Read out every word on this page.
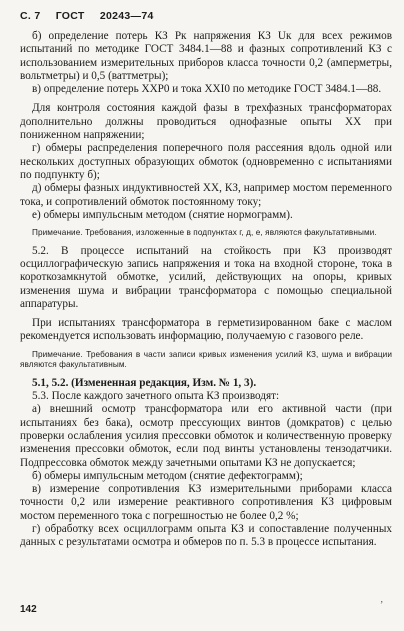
С. 7 ГОСТ 20243—74

б) определение потерь КЗ Pк напряжения КЗ Uк для всех режимов испытаний по методике ГОСТ 3484.1—88 и фазных сопротивлений КЗ с использованием измерительных приборов класса точности 0,2 (амперметры, вольтметры) и 0,5 (ваттметры);

в) определение потерь ХХP0 и тока ХХI0 по методике ГОСТ 3484.1—88.

Для контроля состояния каждой фазы в трехфазных трансформаторах дополнительно должны проводиться однофазные опыты ХХ при пониженном напряжении;

г) обмеры распределения поперечного поля рассеяния вдоль одной или нескольких доступных образующих обмоток (одновременно с испытаниями по подпункту б);

д) обмеры фазных индуктивностей ХХ, КЗ, например мостом переменного тока, и сопротивлений обмоток постоянному току;

е) обмеры импульсным методом (снятие нормограмм).

Примечание. Требования, изложенные в подпунктах г, д, е, являются факультативными.

5.2. В процессе испытаний на стойкость при КЗ производят осциллографическую запись напряжения и тока на входной стороне, тока в короткозамкнутой обмотке, усилий, действующих на опоры, кривых изменения шума и вибрации трансформатора с помощью специальной аппаратуры.

При испытаниях трансформатора в герметизированном баке с маслом рекомендуется использовать информацию, получаемую с газового реле.

Примечание. Требования в части записи кривых изменения усилий КЗ, шума и вибрации являются факультативным.

5.1, 5.2. (Измененная редакция, Изм. № 1, 3).

5.3. После каждого зачетного опыта КЗ производят:

а) внешний осмотр трансформатора или его активной части (при испытаниях без бака), осмотр прессующих винтов (домкратов) с целью проверки ослабления усилия прессовки обмоток и количественную проверку изменения прессовки обмоток, если под винты установлены тензодатчики. Подпрессовка обмоток между зачетными опытами КЗ не допускается;

б) обмеры импульсным методом (снятие дефектограмм);

в) измерение сопротивления КЗ измерительными приборами класса точности 0,2 или измерение реактивного сопротивления КЗ цифровым мостом переменного тока с погрешностью не более 0,2 %;

г) обработку всех осциллограмм опыта КЗ и сопоставление полученных данных с результатами осмотра и обмеров по п. 5.3 в процессе испытания.

142
‚
